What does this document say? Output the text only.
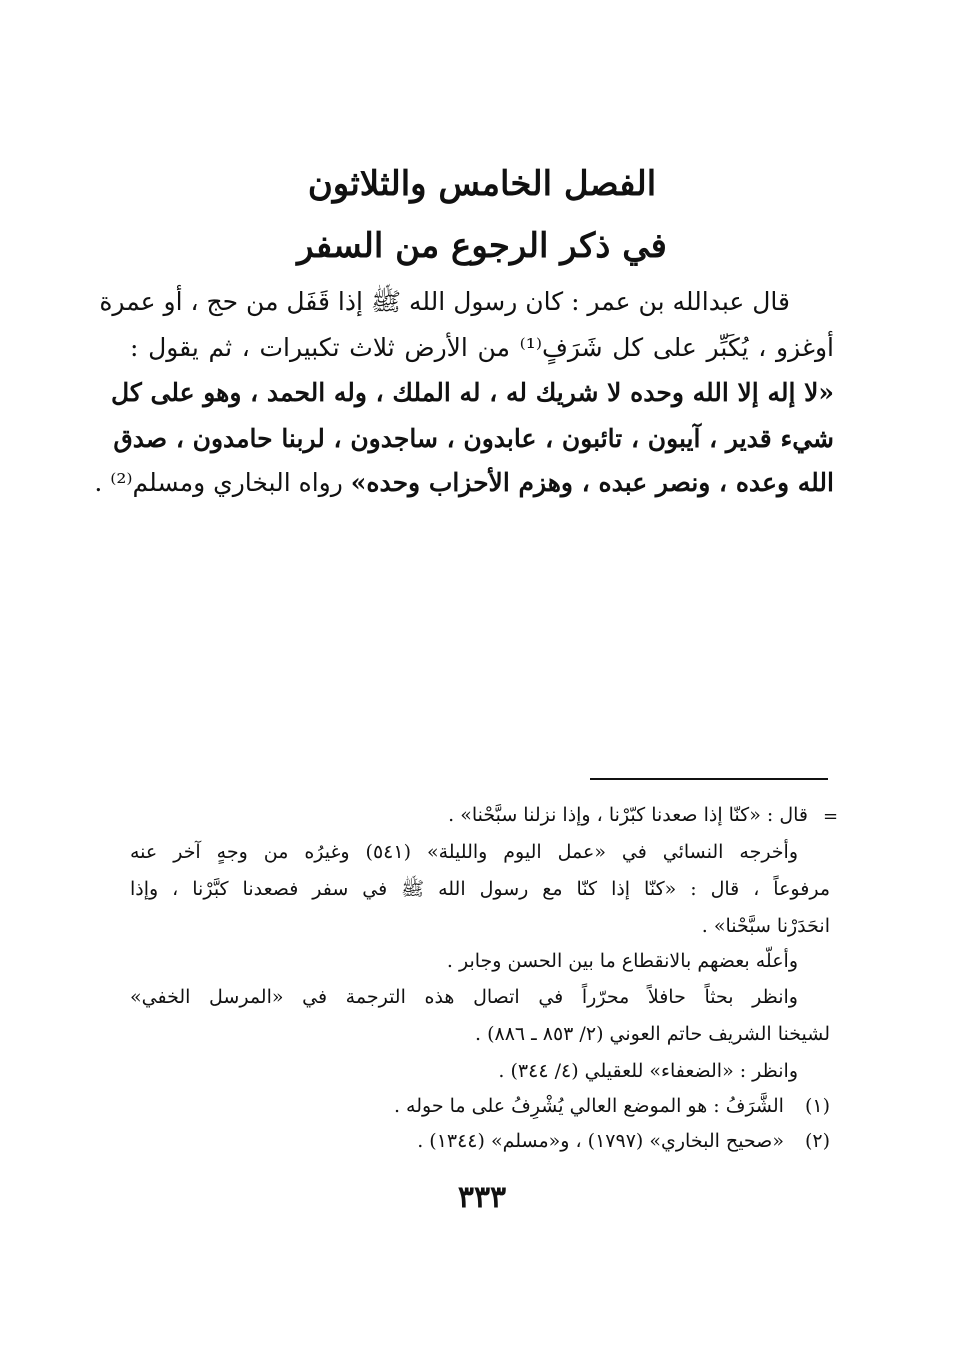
الفصل الخامس والثلاثون
في ذكر الرجوع من السفر
قال عبدالله بن عمر : كان رسول الله ﷺ إذا قَفَل من حج ، أو عمرة
أوغزو ، يُكَبِّر على كل شَرَفٍ⁽¹⁾ من الأرض ثلاث تكبيرات ، ثم يقول :
«لا إله إلا الله وحده لا شريك له ، له الملك ، وله الحمد ، وهو على كل
شيء قدير ، آيبون ، تائبون ، عابدون ، ساجدون ، لربنا حامدون ، صدق
الله وعده ، ونصر عبده ، وهزم الأحزاب وحده» رواه البخاري ومسلم⁽²⁾ .
=
قال : «كنّا إذا صعدنا كبّرْنا ، وإذا نزلنا سبَّحْنا» .
وأخرجه النسائي في «عمل اليوم والليلة» (٥٤١) وغيرُه من وجهٍ آخر عنه
مرفوعاً ، قال : «كنّا إذا كنّا مع رسول الله ﷺ في سفر فصعدنا كبَّرْنا ، وإذا
انحَدَرْنا سبَّحْنا» .
وأعلّه بعضهم بالانقطاع ما بين الحسن وجابر .
وانظر بحثاً حافلاً محرّراً في اتصال هذه الترجمة في «المرسل الخفي»
لشيخنا الشريف حاتم العوني (٢/ ٨٥٣ ـ ٨٨٦) .
وانظر : «الضعفاء» للعقيلي (٤/ ٣٤٤) .
(١) الشَّرَفُ : هو الموضع العالي يُشْرِفُ على ما حوله .
(٢) «صحيح البخاري» (١٧٩٧) ، و«مسلم» (١٣٤٤) .
٣٣٣
